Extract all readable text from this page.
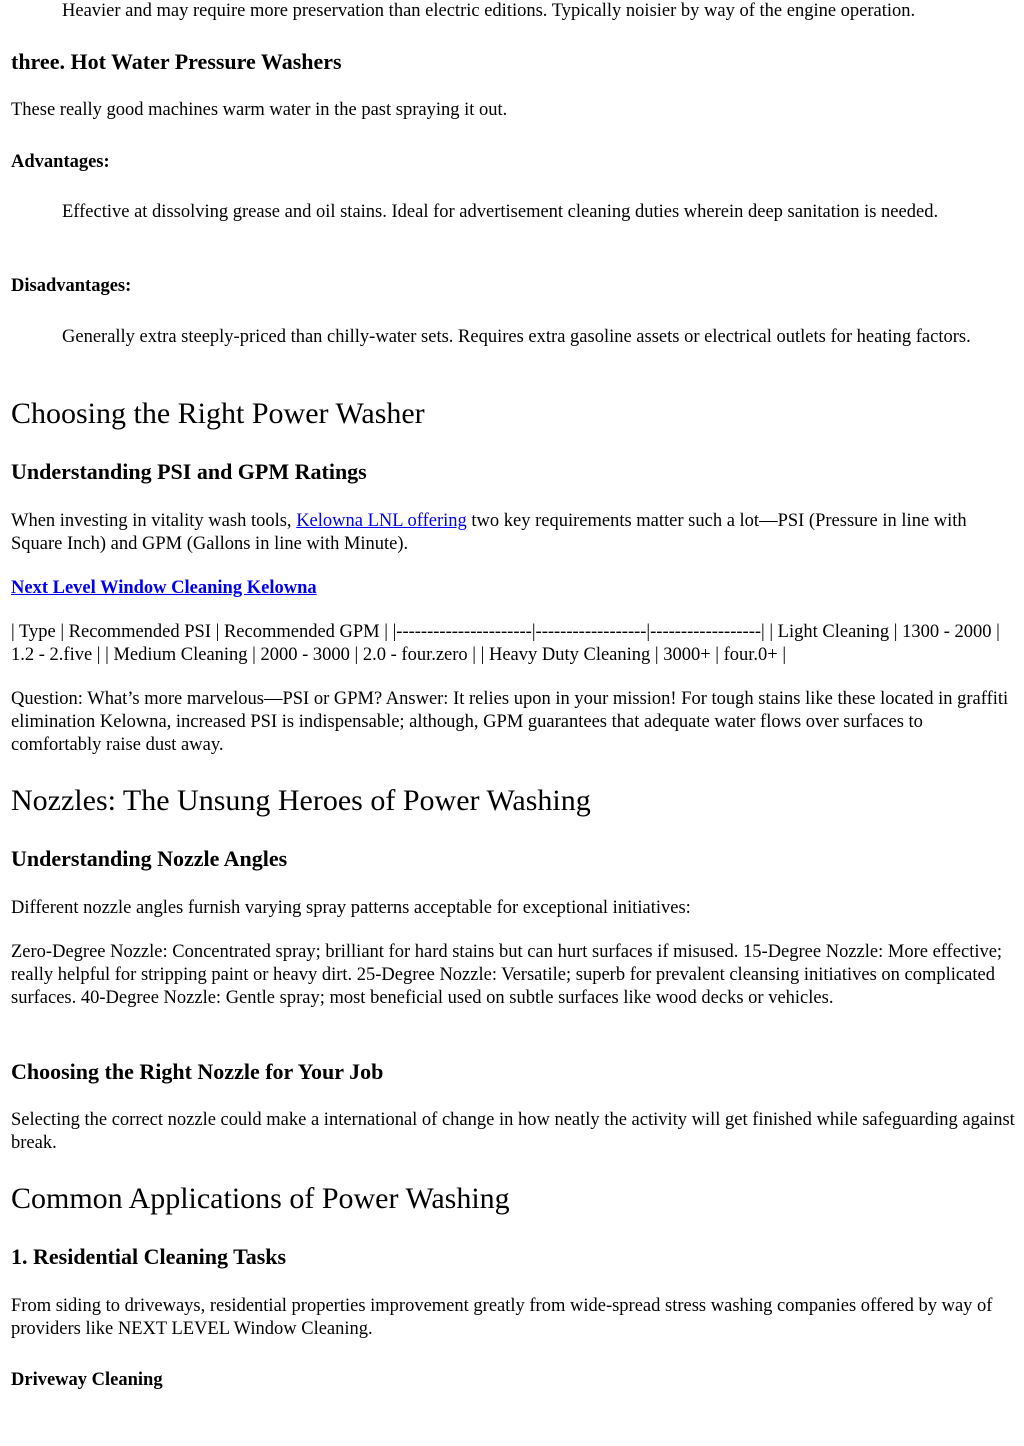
Heavier and may require more preservation than electric editions. Typically noisier by way of the engine operation.

three. Hot Water Pressure Washers

These really good machines warm water in the past spraying it out.

Advantages:

Effective at dissolving grease and oil stains. Ideal for advertisement cleaning duties wherein deep sanitation is needed.

Disadvantages:

Generally extra steeply-priced than chilly-water sets. Requires extra gasoline assets or electrical outlets for heating factors.

Choosing the Right Power Washer
Understanding PSI and GPM Ratings

When investing in vitality wash tools, Kelowna LNL offering two key requirements matter such a lot—PSI (Pressure in line with Square Inch) and GPM (Gallons in line with Minute).

Next Level Window Cleaning Kelowna

| Type | Recommended PSI | Recommended GPM | |----------------------|------------------|------------------| | Light Cleaning | 1300 - 2000 | 1.2 - 2.five | | Medium Cleaning | 2000 - 3000 | 2.0 - four.zero | | Heavy Duty Cleaning | 3000+ | four.0+ |

Question: What’s more marvelous—PSI or GPM? Answer: It relies upon in your mission! For tough stains like these located in graffiti elimination Kelowna, increased PSI is indispensable; although, GPM guarantees that adequate water flows over surfaces to comfortably raise dust away.

Nozzles: The Unsung Heroes of Power Washing
Understanding Nozzle Angles

Different nozzle angles furnish varying spray patterns acceptable for exceptional initiatives:

Zero-Degree Nozzle: Concentrated spray; brilliant for hard stains but can hurt surfaces if misused. 15-Degree Nozzle: More effective; really helpful for stripping paint or heavy dirt. 25-Degree Nozzle: Versatile; superb for prevalent cleansing initiatives on complicated surfaces. 40-Degree Nozzle: Gentle spray; most beneficial used on subtle surfaces like wood decks or vehicles.

Choosing the Right Nozzle for Your Job

Selecting the correct nozzle could make a international of change in how neatly the activity will get finished while safeguarding against break.

Common Applications of Power Washing
1. Residential Cleaning Tasks

From siding to driveways, residential properties improvement greatly from wide-spread stress washing companies offered by way of providers like NEXT LEVEL Window Cleaning.

Driveway Cleaning
